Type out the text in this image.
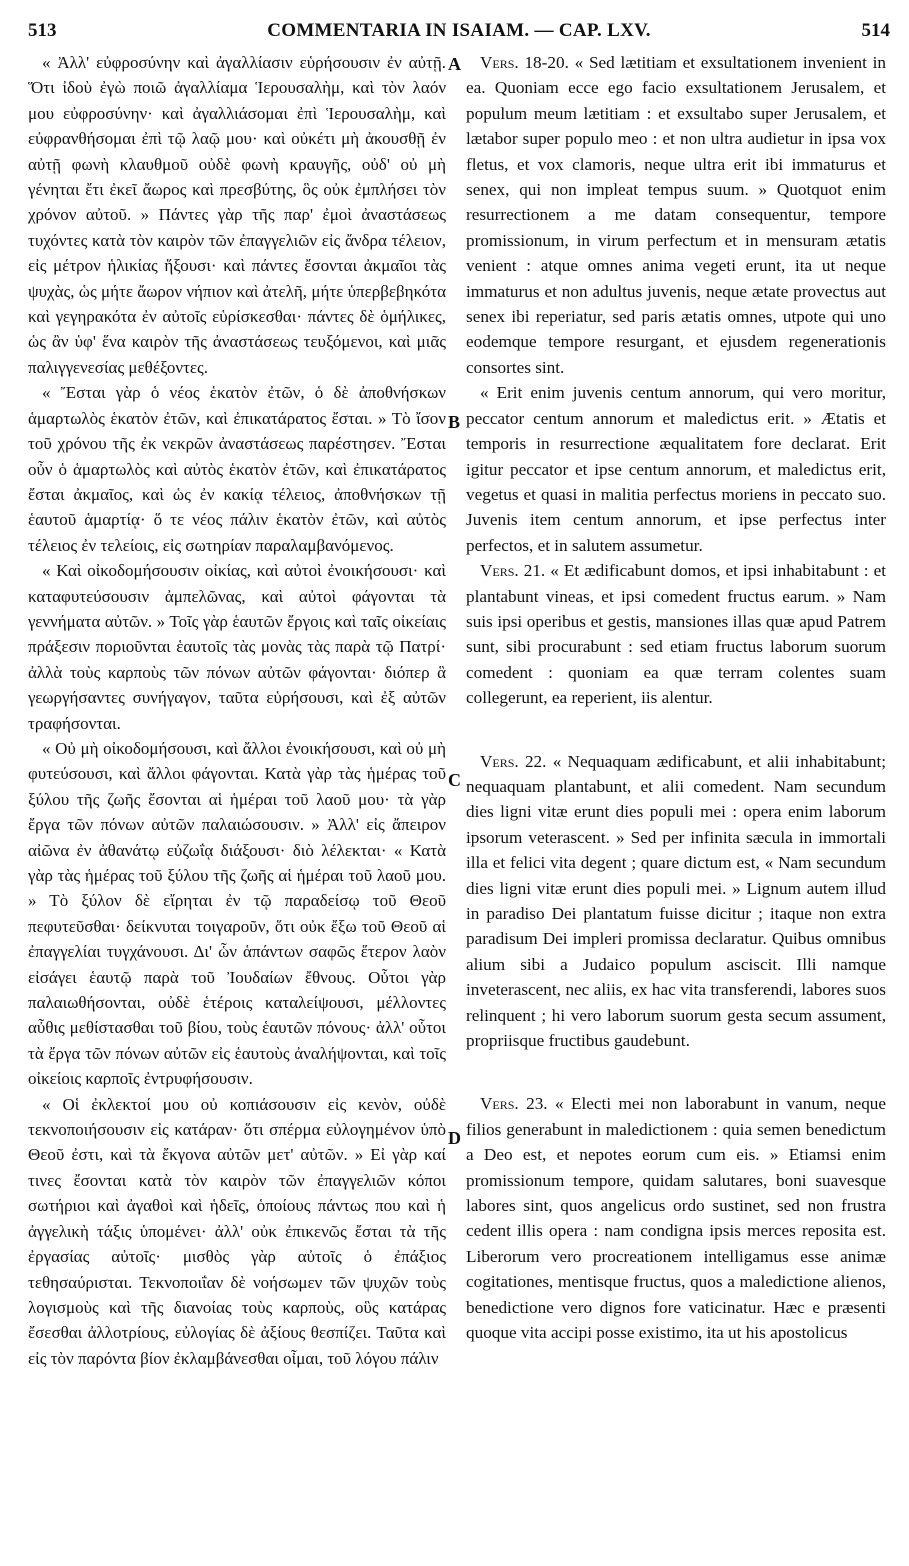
513	COMMENTARIA IN ISAIAM. — CAP. LXV.	514

« Ἀλλ' εὐφροσύνην καὶ ἀγαλλίασιν εὑρήσουσιν ἐν αὐτῇ. Ὅτι ἰδοὺ ἐγὼ ποιῶ ἀγαλλίαμα Ἱερουσαλὴμ, καὶ τὸν λαόν μου εὐφροσύνην· καὶ ἀγαλλιάσομαι ἐπὶ Ἱερουσαλὴμ, καὶ εὐφρανθήσομαι ἐπὶ τῷ λαῷ μου· καὶ οὐκέτι μὴ ἀκουσθῇ ἐν αὐτῇ φωνὴ κλαυθμοῦ οὐδὲ φωνὴ κραυγῆς, οὐδ' οὐ μὴ γένηται ἔτι ἐκεῖ ἄωρος καὶ πρεσβύτης, ὃς οὐκ ἐμπλήσει τὸν χρόνον αὐτοῦ. » Πάντες γὰρ τῆς παρ' ἐμοὶ ἀναστάσεως τυχόντες κατὰ τὸν καιρὸν τῶν ἐπαγγελιῶν εἰς ἄνδρα τέλειον, εἰς μέτρον ἡλικίας ἥξουσι· καὶ πάντες ἔσονται ἀκμαῖοι τὰς ψυχὰς, ὡς μήτε ἄωρον νήπιον καὶ ἀτελῆ, μήτε ὑπερβεβηκότα καὶ γεγηρακότα ἐν αὐτοῖς εὑρίσκεσθαι· πάντες δὲ ὁμήλικες, ὡς ἂν ὑφ' ἕνα καιρὸν τῆς ἀναστάσεως τευξόμενοι, καὶ μιᾶς παλιγγενεσίας μεθέξοντες.

« Ἔσται γὰρ ὁ νέος ἑκατὸν ἐτῶν, ὁ δὲ ἀποθνήσκων ἁμαρτωλὸς ἑκατὸν ἐτῶν, καὶ ἐπικατάρατος ἔσται. » Τὸ ἴσον τοῦ χρόνου τῆς ἐκ νεκρῶν ἀναστάσεως παρέστησεν. Ἔσται οὖν ὁ ἁμαρτωλὸς καὶ αὐτὸς ἑκατὸν ἐτῶν, καὶ ἐπικατάρατος ἔσται ἀκμαῖος, καὶ ὡς ἐν κακίᾳ τέλειος, ἀποθνήσκων τῇ ἑαυτοῦ ἁμαρτίᾳ· ὅ τε νέος πάλιν ἑκατὸν ἐτῶν, καὶ αὐτὸς τέλειος ἐν τελείοις, εἰς σωτηρίαν παραλαμβανόμενος.

« Καὶ οἰκοδομήσουσιν οἰκίας, καὶ αὐτοὶ ἐνοικήσουσι· καὶ καταφυτεύσουσιν ἀμπελῶνας, καὶ αὐτοὶ φάγονται τὰ γεννήματα αὐτῶν. » Τοῖς γὰρ ἑαυτῶν ἔργοις καὶ ταῖς οἰκείαις πράξεσιν ποριοῦνται ἑαυτοῖς τὰς μονὰς τὰς παρὰ τῷ Πατρί· ἀλλὰ τοὺς καρποὺς τῶν πόνων αὐτῶν φάγονται· διόπερ ἃ γεωργήσαντες συνήγαγον, ταῦτα εὑρήσουσι, καὶ ἐξ αὐτῶν τραφήσονται.

« Οὐ μὴ οἰκοδομήσουσι, καὶ ἄλλοι ἐνοικήσουσι, καὶ οὐ μὴ φυτεύσουσι, καὶ ἄλλοι φάγονται. Κατὰ γὰρ τὰς ἡμέρας τοῦ ξύλου τῆς ζωῆς ἔσονται αἱ ἡμέραι τοῦ λαοῦ μου· τὰ γὰρ ἔργα τῶν πόνων αὐτῶν παλαιώσουσιν. » Ἀλλ' εἰς ἄπειρον αἰῶνα ἐν ἀθανάτῳ εὐζωΐᾳ διάξουσι· διὸ λέλεκται· « Κατὰ γὰρ τὰς ἡμέρας τοῦ ξύλου τῆς ζωῆς αἱ ἡμέραι τοῦ λαοῦ μου. » Τὸ ξύλον δὲ εἴρηται ἐν τῷ παραδείσῳ τοῦ Θεοῦ πεφυτεῦσθαι· δείκνυται τοιγαροῦν, ὅτι οὐκ ἔξω τοῦ Θεοῦ αἱ ἐπαγγελίαι τυγχάνουσι. Δι' ὧν ἁπάντων σαφῶς ἕτερον λαὸν εἰσάγει ἑαυτῷ παρὰ τοῦ Ἰουδαίων ἔθνους. Οὗτοι γὰρ παλαιωθήσονται, οὐδὲ ἑτέροις καταλείψουσι, μέλλοντες αὖθις μεθίστασθαι τοῦ βίου, τοὺς ἑαυτῶν πόνους· ἀλλ' οὗτοι τὰ ἔργα τῶν πόνων αὐτῶν εἰς ἑαυτοὺς ἀναλήψονται, καὶ τοῖς οἰκείοις καρποῖς ἐντρυφήσουσιν.

« Οἱ ἐκλεκτοί μου οὐ κοπιάσουσιν εἰς κενὸν, οὐδὲ τεκνοποιήσουσιν εἰς κατάραν· ὅτι σπέρμα εὐλογημένον ὑπὸ Θεοῦ ἐστι, καὶ τὰ ἔκγονα αὐτῶν μετ' αὐτῶν. » Εἰ γὰρ καί τινες ἔσονται κατὰ τὸν καιρὸν τῶν ἐπαγγελιῶν κόποι σωτήριοι καὶ ἀγαθοὶ καὶ ἡδεῖς, ὁποίους πάντως που καὶ ἡ ἀγγελικὴ τάξις ὑπομένει· ἀλλ' οὐκ ἐπικενῶς ἔσται τὰ τῆς ἐργασίας αὐτοῖς· μισθὸς γὰρ αὐτοῖς ὁ ἐπάξιος τεθησαύρισται. Τεκνοποιΐαν δὲ νοήσωμεν τῶν ψυχῶν τοὺς λογισμοὺς καὶ τῆς διανοίας τοὺς καρποὺς, οὓς κατάρας ἔσεσθαι ἀλλοτρίους, εὐλογίας δὲ ἀξίους θεσπίζει. Ταῦτα καὶ εἰς τὸν παρόντα βίον ἐκλαμβάνεσθαι οἶμαι, τοῦ λόγου πάλιν

A
B
C
D

Vers. 18-20. « Sed lætitiam et exsultationem invenient in ea. Quoniam ecce ego facio exsultationem Jerusalem, et populum meum lætitiam : et exsultabo super Jerusalem, et lætabor super populo meo : et non ultra audietur in ipsa vox fletus, et vox clamoris, neque ultra erit ibi immaturus et senex, qui non impleat tempus suum. » Quotquot enim resurrectionem a me datam consequentur, tempore promissionum, in virum perfectum et in mensuram ætatis venient : atque omnes anima vegeti erunt, ita ut neque immaturus et non adultus juvenis, neque ætate provectus aut senex ibi reperiatur, sed paris ætatis omnes, utpote qui uno eodemque tempore resurgant, et ejusdem regenerationis consortes sint.

« Erit enim juvenis centum annorum, qui vero moritur, peccator centum annorum et maledictus erit. » Ætatis et temporis in resurrectione æqualitatem fore declarat. Erit igitur peccator et ipse centum annorum, et maledictus erit, vegetus et quasi in malitia perfectus moriens in peccato suo. Juvenis item centum annorum, et ipse perfectus inter perfectos, et in salutem assumetur.

Vers. 21. « Et ædificabunt domos, et ipsi inhabitabunt : et plantabunt vineas, et ipsi comedent fructus earum. » Nam suis ipsi operibus et gestis, mansiones illas quæ apud Patrem sunt, sibi procurabunt : sed etiam fructus laborum suorum comedent : quoniam ea quæ terram colentes suam collegerunt, ea reperient, iis alentur.

Vers. 22. « Nequaquam ædificabunt, et alii inhabitabunt; nequaquam plantabunt, et alii comedent. Nam secundum dies ligni vitæ erunt dies populi mei : opera enim laborum ipsorum veterascent. » Sed per infinita sæcula in immortali illa et felici vita degent ; quare dictum est, « Nam secundum dies ligni vitæ erunt dies populi mei. » Lignum autem illud in paradiso Dei plantatum fuisse dicitur ; itaque non extra paradisum Dei impleri promissa declaratur. Quibus omnibus alium sibi a Judaico populum asciscit. Illi namque inveterascent, nec aliis, ex hac vita transferendi, labores suos relinquent ; hi vero laborum suorum gesta secum assument, propriisque fructibus gaudebunt.

Vers. 23. « Electi mei non laborabunt in vanum, neque filios generabunt in maledictionem : quia semen benedictum a Deo est, et nepotes eorum cum eis. » Etiamsi enim promissionum tempore, quidam salutares, boni suavesque labores sint, quos angelicus ordo sustinet, sed non frustra cedent illis opera : nam condigna ipsis merces reposita est. Liberorum vero procreationem intelligamus esse animæ cogitationes, mentisque fructus, quos a maledictione alienos, benedictione vero dignos fore vaticinatur. Hæc e præsenti quoque vita accipi posse existimo, ita ut his apostolicus
